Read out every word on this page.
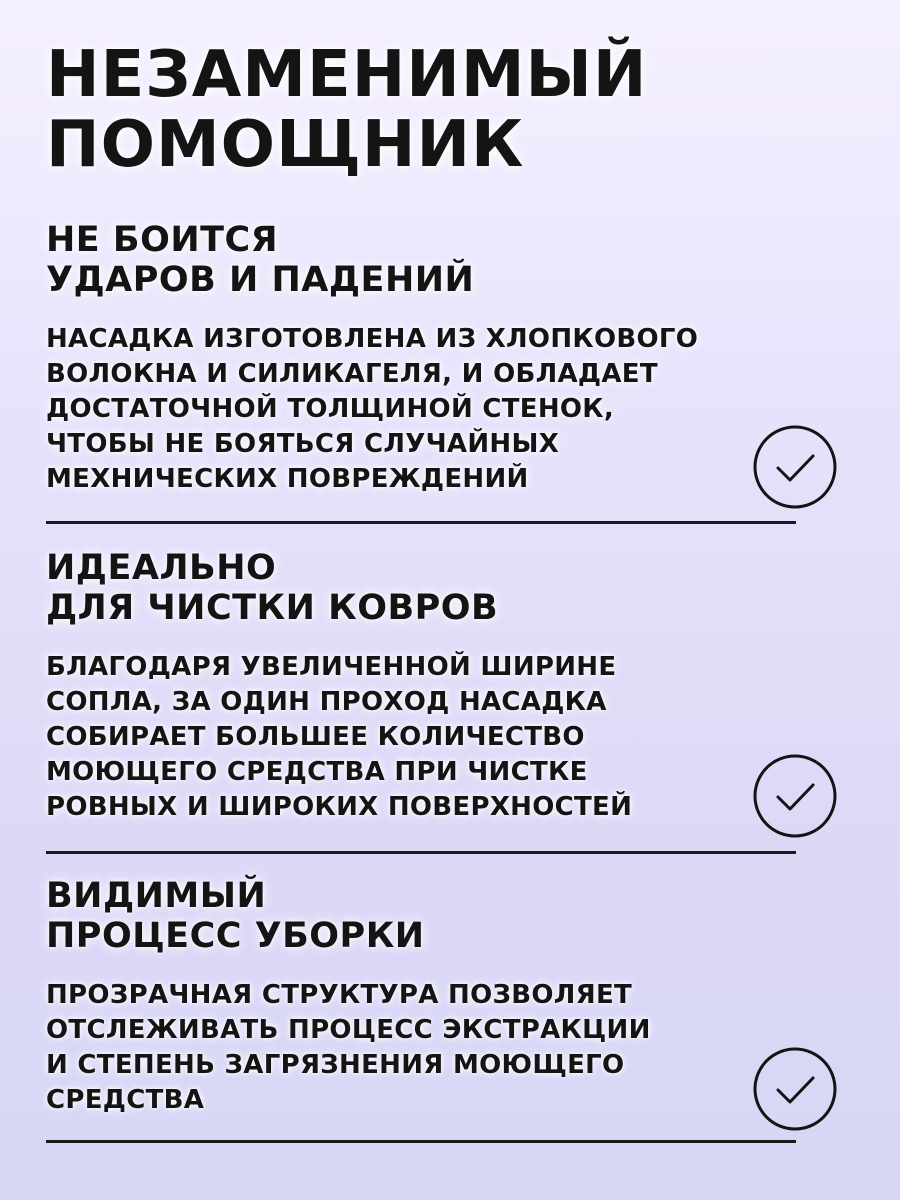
НЕЗАМЕНИМЫЙ
ПОМОЩНИК
НЕ БОИТСЯ
УДАРОВ И ПАДЕНИЙ
НАСАДКА ИЗГОТОВЛЕНА ИЗ ХЛОПКОВОГО
ВОЛОКНА И СИЛИКАГЕЛЯ, И ОБЛАДАЕТ
ДОСТАТОЧНОЙ ТОЛЩИНОЙ СТЕНОК,
ЧТОБЫ НЕ БОЯТЬСЯ СЛУЧАЙНЫХ
МЕХНИЧЕСКИХ ПОВРЕЖДЕНИЙ
ИДЕАЛЬНО
ДЛЯ ЧИСТКИ КОВРОВ
БЛАГОДАРЯ УВЕЛИЧЕННОЙ ШИРИНЕ
СОПЛА, ЗА ОДИН ПРОХОД НАСАДКА
СОБИРАЕТ БОЛЬШЕЕ КОЛИЧЕСТВО
МОЮЩЕГО СРЕДСТВА ПРИ ЧИСТКЕ
РОВНЫХ И ШИРОКИХ ПОВЕРХНОСТЕЙ
ВИДИМЫЙ
ПРОЦЕСС УБОРКИ
ПРОЗРАЧНАЯ СТРУКТУРА ПОЗВОЛЯЕТ
ОТСЛЕЖИВАТЬ ПРОЦЕСС ЭКСТРАКЦИИ
И СТЕПЕНЬ ЗАГРЯЗНЕНИЯ МОЮЩЕГО
СРЕДСТВА
